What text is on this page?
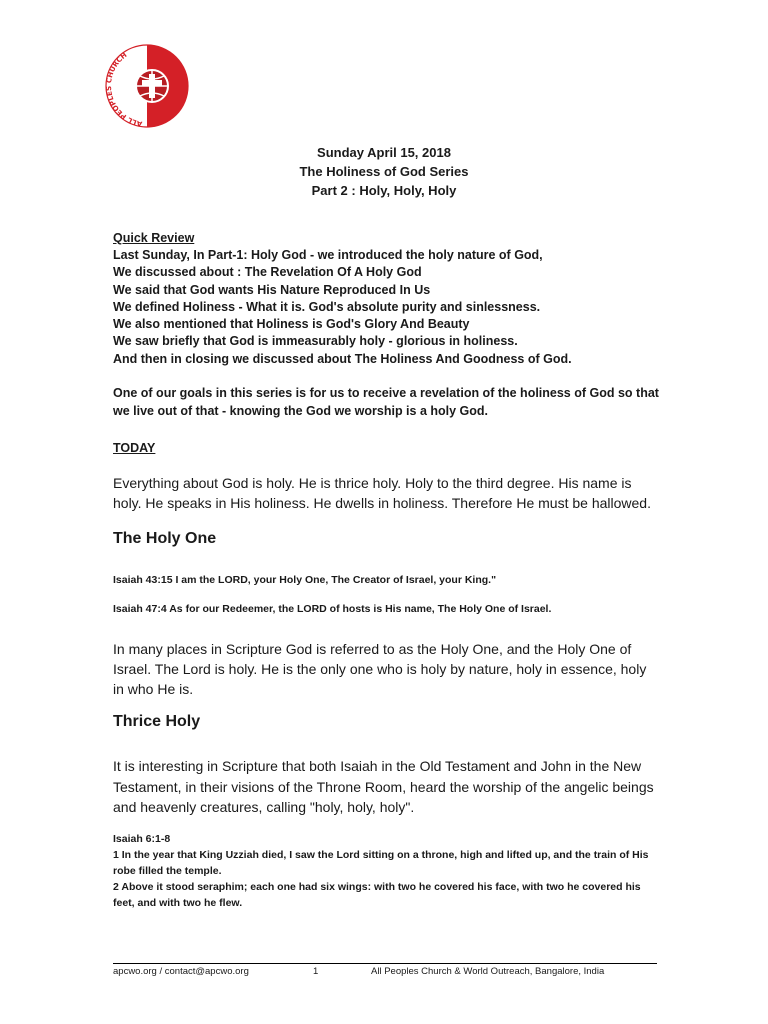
ALL PEOPLES CHURCH
Sunday April 15, 2018
The Holiness of God Series
Part 2 : Holy, Holy, Holy
Quick Review
Last Sunday, In Part-1: Holy God - we introduced the holy nature of God,
We discussed about : The Revelation Of A Holy God
We said that God wants His Nature Reproduced In Us
We defined Holiness - What it is. God's absolute purity and sinlessness.
We also mentioned that Holiness is God's Glory And Beauty
We saw briefly that God is immeasurably holy - glorious in holiness.
And then in closing we discussed about The Holiness And Goodness of God.
One of our goals in this series is for us to receive a revelation of the holiness of God so that we live out of that - knowing the God we worship is a holy God.
TODAY
Everything about God is holy. He is thrice holy. Holy to the third degree. His name is holy. He speaks in His holiness. He dwells in holiness. Therefore He must be hallowed.
The Holy One
Isaiah 43:15 I am the LORD, your Holy One, The Creator of Israel, your King."
Isaiah 47:4 As for our Redeemer, the LORD of hosts is His name, The Holy One of Israel.
In many places in Scripture God is referred to as the Holy One, and the Holy One of Israel. The Lord is holy. He is the only one who is holy by nature, holy in essence, holy in who He is.
Thrice Holy
It is interesting in Scripture that both Isaiah in the Old Testament and John in the New Testament, in their visions of the Throne Room, heard the worship of the angelic beings and heavenly creatures, calling "holy, holy, holy".
Isaiah 6:1-8
1 In the year that King Uzziah died, I saw the Lord sitting on a throne, high and lifted up, and the train of His robe filled the temple.
2 Above it stood seraphim; each one had six wings: with two he covered his face, with two he covered his feet, and with two he flew.
apcwo.org / contact@apcwo.org	1	All Peoples Church & World Outreach, Bangalore, India
